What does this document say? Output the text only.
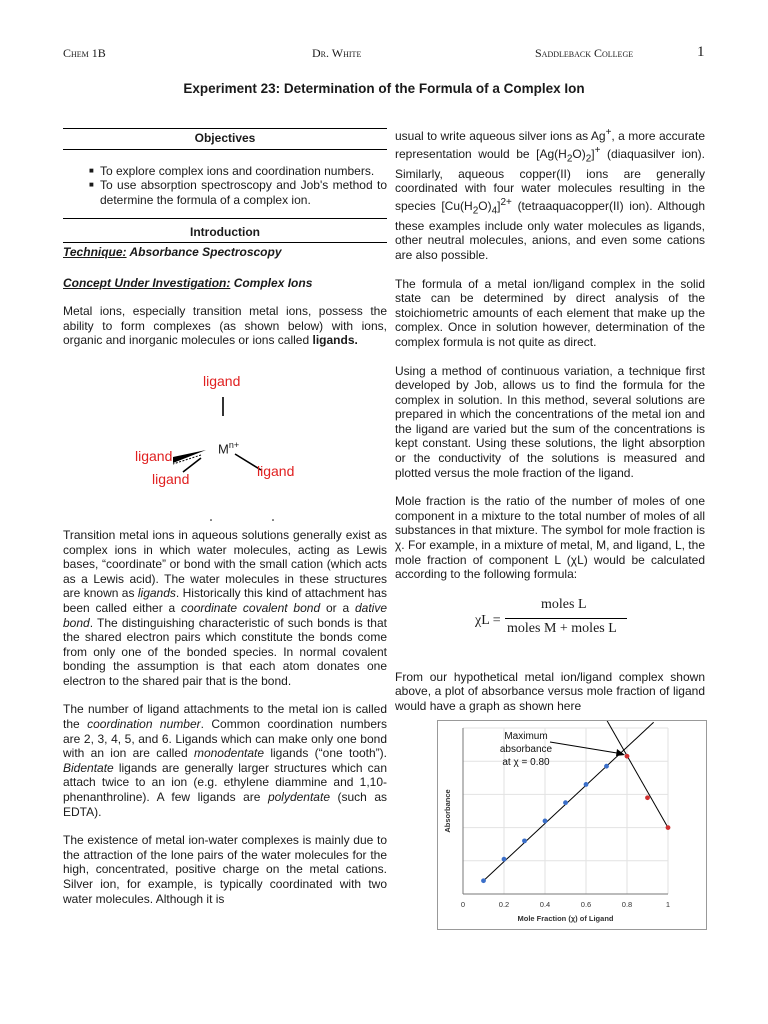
Chem 1B	Dr. White	Saddleback College	1
Experiment 23: Determination of the Formula of a Complex Ion
Objectives
■ To explore complex ions and coordination numbers.
■ To use absorption spectroscopy and Job's method to determine the formula of a complex ion.
Introduction
Technique: Absorbance Spectroscopy
Concept Under Investigation: Complex Ions

Metal ions, especially transition metal ions, possess the ability to form complexes (as shown below) with ions, organic and inorganic molecules or ions called ligands.

ligand
$M^{n+}$
ligand
ligand
ligand

Transition metal ions in aqueous solutions generally exist as complex ions in which water molecules, acting as Lewis bases, “coordinate” or bond with the small cation (which acts as a Lewis acid). The water molecules in these structures are known as ligands. Historically this kind of attachment has been called either a coordinate covalent bond or a dative bond. The distinguishing characteristic of such bonds is that the shared electron pairs which constitute the bonds come from only one of the bonded species. In normal covalent bonding the assumption is that each atom donates one electron to the shared pair that is the bond.

The number of ligand attachments to the metal ion is called the coordination number. Common coordination numbers are 2, 3, 4, 5, and 6. Ligands which can make only one bond with an ion are called monodentate ligands (“one tooth”). Bidentate ligands are generally larger structures which can attach twice to an ion (e.g. ethylene diammine and 1,10-phenanthroline). A few ligands are polydentate (such as EDTA).

The existence of metal ion-water complexes is mainly due to the attraction of the lone pairs of the water molecules for the high, concentrated, positive charge on the metal cations. Silver ion, for example, is typically coordinated with two water molecules. Although it is

usual to write aqueous silver ions as Ag+, a more accurate representation would be $[Ag(H_2O)_2]^+$ (diaquasilver ion). Similarly, aqueous copper(II) ions are generally coordinated with four water molecules resulting in the species $[Cu(H_2O)_4]^{2+}$ (tetraaquacopper(II) ion). Although these examples include only water molecules as ligands, other neutral molecules, anions, and even some cations are also possible.

The formula of a metal ion/ligand complex in the solid state can be determined by direct analysis of the stoichiometric amounts of each element that make up the complex. Once in solution however, determination of the complex formula is not quite as direct.

Using a method of continuous variation, a technique first developed by Job, allows us to find the formula for the complex in solution. In this method, several solutions are prepared in which the concentrations of the metal ion and the ligand are varied but the sum of the concentrations is kept constant. Using these solutions, the light absorption or the conductivity of the solutions is measured and plotted versus the mole fraction of the ligand.

Mole fraction is the ratio of the number of moles of one component in a mixture to the total number of moles of all substances in that mixture. The symbol for mole fraction is χ. For example, in a mixture of metal, M, and ligand, L, the mole fraction of component L (χL) would be calculated according to the following formula:

χL =
moles L
moles M + moles L

From our hypothetical metal ion/ligand complex shown above, a plot of absorbance versus mole fraction of ligand would have a graph as shown here

0	0.2	0.4	0.6	0.8	1
Mole Fraction (χ) of Ligand
Absorbance
Maximum
absorbance
at χ = 0.80
